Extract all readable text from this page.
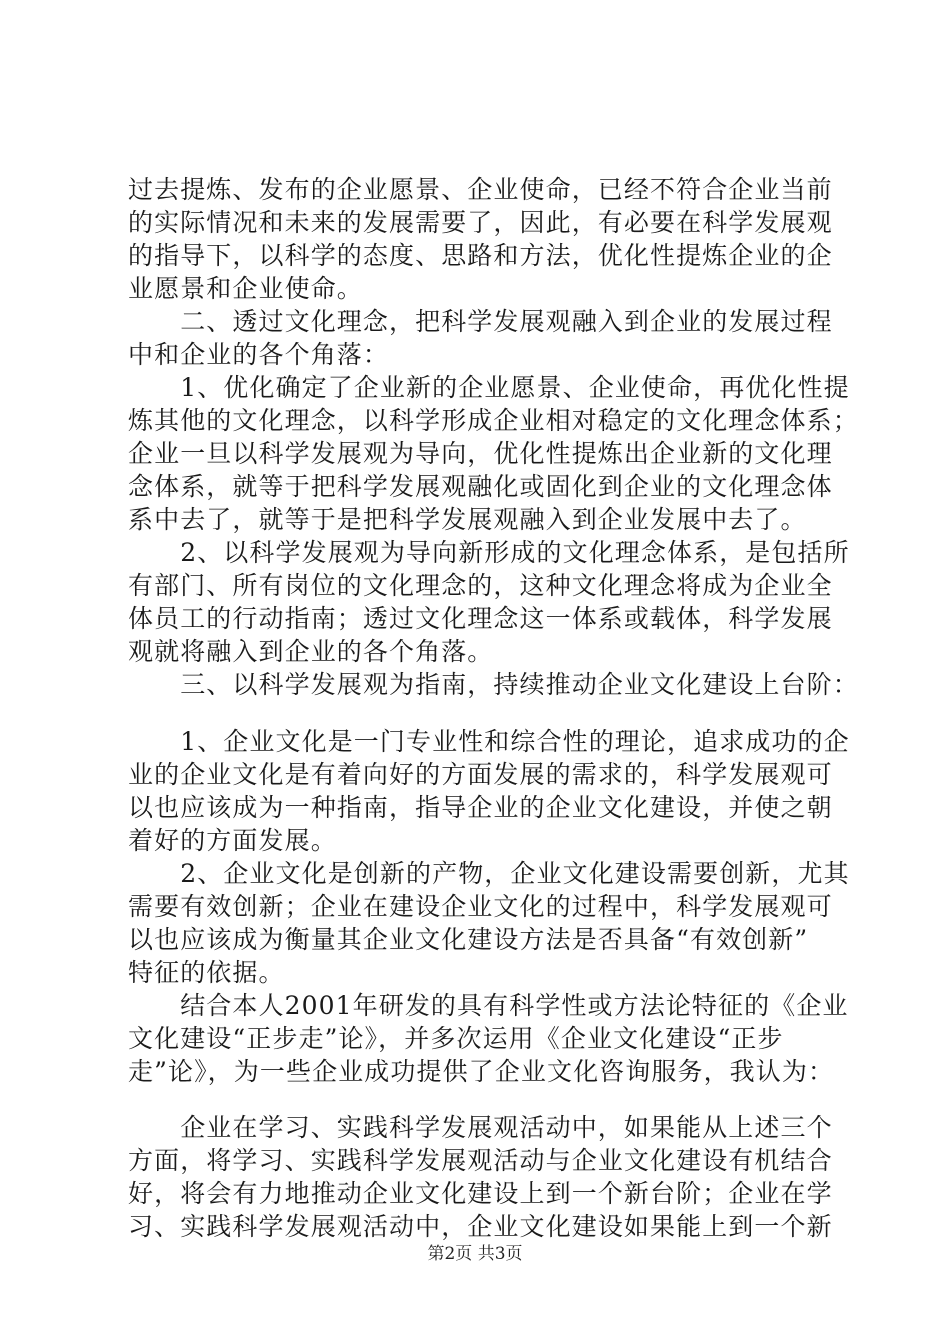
过去提炼、发布的企业愿景、企业使命，已经不符合企业当前
的实际情况和未来的发展需要了，因此，有必要在科学发展观
的指导下，以科学的态度、思路和方法，优化性提炼企业的企
业愿景和企业使命。
　　二、透过文化理念，把科学发展观融入到企业的发展过程
中和企业的各个角落：
　　1、优化确定了企业新的企业愿景、企业使命，再优化性提
炼其他的文化理念，以科学形成企业相对稳定的文化理念体系；
企业一旦以科学发展观为导向，优化性提炼出企业新的文化理
念体系，就等于把科学发展观融化或固化到企业的文化理念体
系中去了，就等于是把科学发展观融入到企业发展中去了。
　　2、以科学发展观为导向新形成的文化理念体系，是包括所
有部门、所有岗位的文化理念的，这种文化理念将成为企业全
体员工的行动指南；透过文化理念这一体系或载体，科学发展
观就将融入到企业的各个角落。
　　三、以科学发展观为指南，持续推动企业文化建设上台阶：
　　1、企业文化是一门专业性和综合性的理论，追求成功的企
业的企业文化是有着向好的方面发展的需求的，科学发展观可
以也应该成为一种指南，指导企业的企业文化建设，并使之朝
着好的方面发展。
　　2、企业文化是创新的产物，企业文化建设需要创新，尤其
需要有效创新；企业在建设企业文化的过程中，科学发展观可
以也应该成为衡量其企业文化建设方法是否具备“有效创新”
特征的依据。
　　结合本人2001年研发的具有科学性或方法论特征的《企业
文化建设“正步走”论》，并多次运用《企业文化建设“正步
走”论》，为一些企业成功提供了企业文化咨询服务，我认为：
　　企业在学习、实践科学发展观活动中，如果能从上述三个
方面，将学习、实践科学发展观活动与企业文化建设有机结合
好，将会有力地推动企业文化建设上到一个新台阶；企业在学
习、实践科学发展观活动中，企业文化建设如果能上到一个新
第2页 共3页
